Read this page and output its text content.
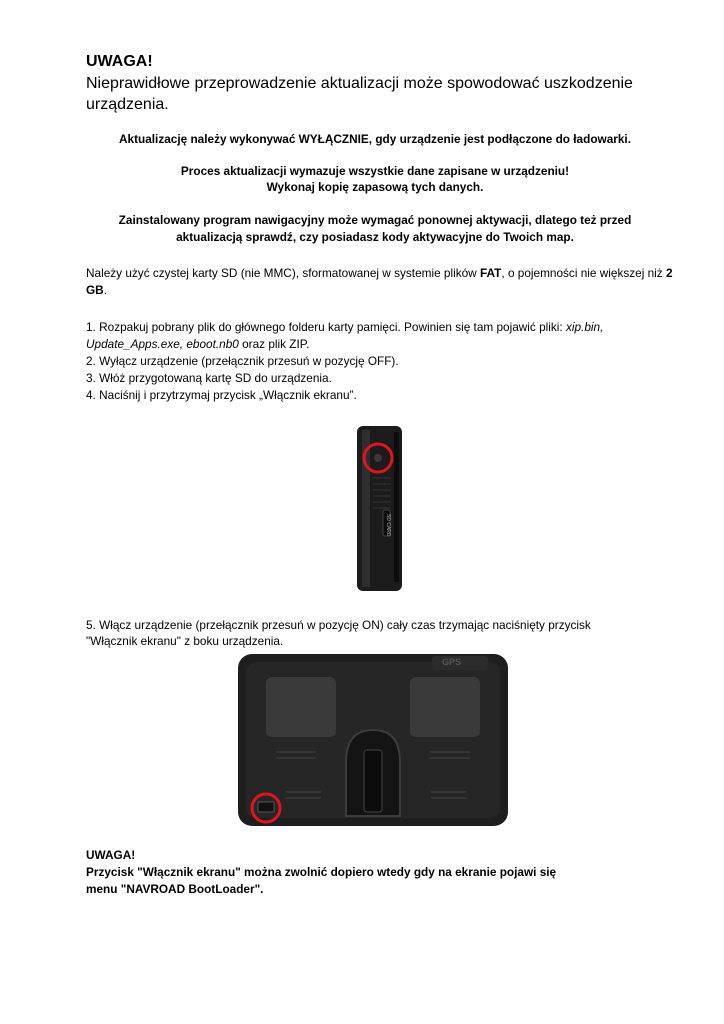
UWAGA!
Nieprawidłowe przeprowadzenie aktualizacji może spowodować uszkodzenie urządzenia.
Aktualizację należy wykonywać WYŁĄCZNIE, gdy urządzenie jest podłączone do ładowarki.
Proces aktualizacji wymazuje wszystkie dane zapisane w urządzeniu!
Wykonaj kopię zapasową tych danych.
Zainstalowany program nawigacyjny może wymagać ponownej aktywacji, dlatego też przed
aktualizacją sprawdź, czy posiadasz kody aktywacyjne do Twoich map.
Należy użyć czystej karty SD (nie MMC), sformatowanej w systemie plików FAT, o pojemności nie większej niż 2 GB.
1. Rozpakuj pobrany plik do głównego folderu karty pamięci. Powinien się tam pojawić pliki: xip.bin, Update_Apps.exe, eboot.nb0 oraz plik ZIP.
2. Wyłącz urządzenie (przełącznik przesuń w pozycję OFF).
3. Włóż przygotowaną kartę SD do urządzenia.
4. Naciśnij i przytrzymaj przycisk „Włącznik ekranu”.
SD CARD
5. Włącz urządzenie (przełącznik przesuń w pozycję ON) cały czas trzymając naciśnięty przycisk
"Włącznik ekranu" z boku urządzenia.
GPS
UWAGA!
Przycisk "Włącznik ekranu" można zwolnić dopiero wtedy gdy na ekranie pojawi się
menu "NAVROAD BootLoader".
